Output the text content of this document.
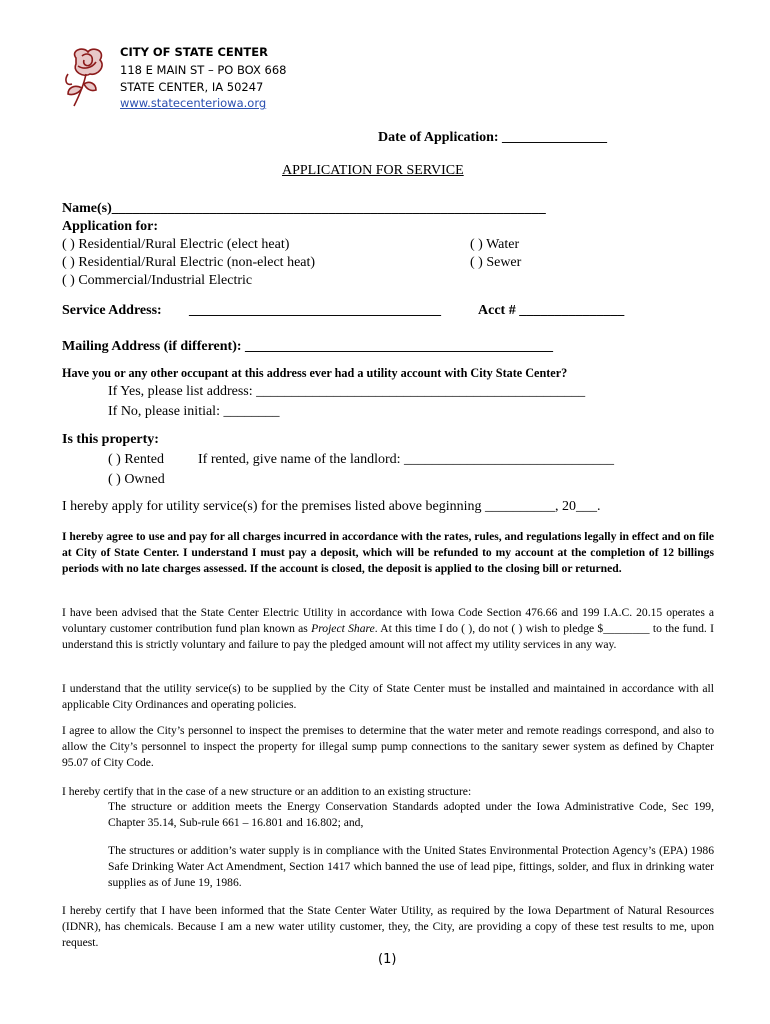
CITY OF STATE CENTER
118 E MAIN ST – PO BOX 668
STATE CENTER, IA 50247
www.statecenteriowa.org
Date of Application: _______________
APPLICATION FOR SERVICE
Name(s)______________________________________________________________
Application for:
( ) Residential/Rural Electric (elect heat)
( ) Residential/Rural Electric (non-elect heat)
( ) Commercial/Industrial Electric
( ) Water
( ) Sewer
Service Address: ____________________________________	Acct # _______________
Mailing Address (if different): ____________________________________________
Have you or any other occupant at this address ever had a utility account with City State Center?
If Yes, please list address: _______________________________________________
If No, please initial: ________
Is this property:
( ) Rented
( ) Owned
If rented, give name of the landlord: ______________________________
I hereby apply for utility service(s) for the premises listed above beginning __________, 20___.
I hereby agree to use and pay for all charges incurred in accordance with the rates, rules, and regulations legally in effect and on file at City of State Center. I understand I must pay a deposit, which will be refunded to my account at the completion of 12 billings periods with no late charges assessed. If the account is closed, the deposit is applied to the closing bill or returned.
I have been advised that the State Center Electric Utility in accordance with Iowa Code Section 476.66 and 199 I.A.C. 20.15 operates a voluntary customer contribution fund plan known as Project Share. At this time I do ( ), do not ( ) wish to pledge $________ to the fund. I understand this is strictly voluntary and failure to pay the pledged amount will not affect my utility services in any way.
I understand that the utility service(s) to be supplied by the City of State Center must be installed and maintained in accordance with all applicable City Ordinances and operating policies.
I agree to allow the City’s personnel to inspect the premises to determine that the water meter and remote readings correspond, and also to allow the City’s personnel to inspect the property for illegal sump pump connections to the sanitary sewer system as defined by Chapter 95.07 of City Code.
I hereby certify that in the case of a new structure or an addition to an existing structure:
The structure or addition meets the Energy Conservation Standards adopted under the Iowa Administrative Code, Sec 199, Chapter 35.14, Sub-rule 661 – 16.801 and 16.802; and,
The structures or addition’s water supply is in compliance with the United States Environmental Protection Agency’s (EPA) 1986 Safe Drinking Water Act Amendment, Section 1417 which banned the use of lead pipe, fittings, solder, and flux in drinking water supplies as of June 19, 1986.
I hereby certify that I have been informed that the State Center Water Utility, as required by the Iowa Department of Natural Resources (IDNR), has chemicals. Because I am a new water utility customer, they, the City, are providing a copy of these test results to me, upon request.
(1)
